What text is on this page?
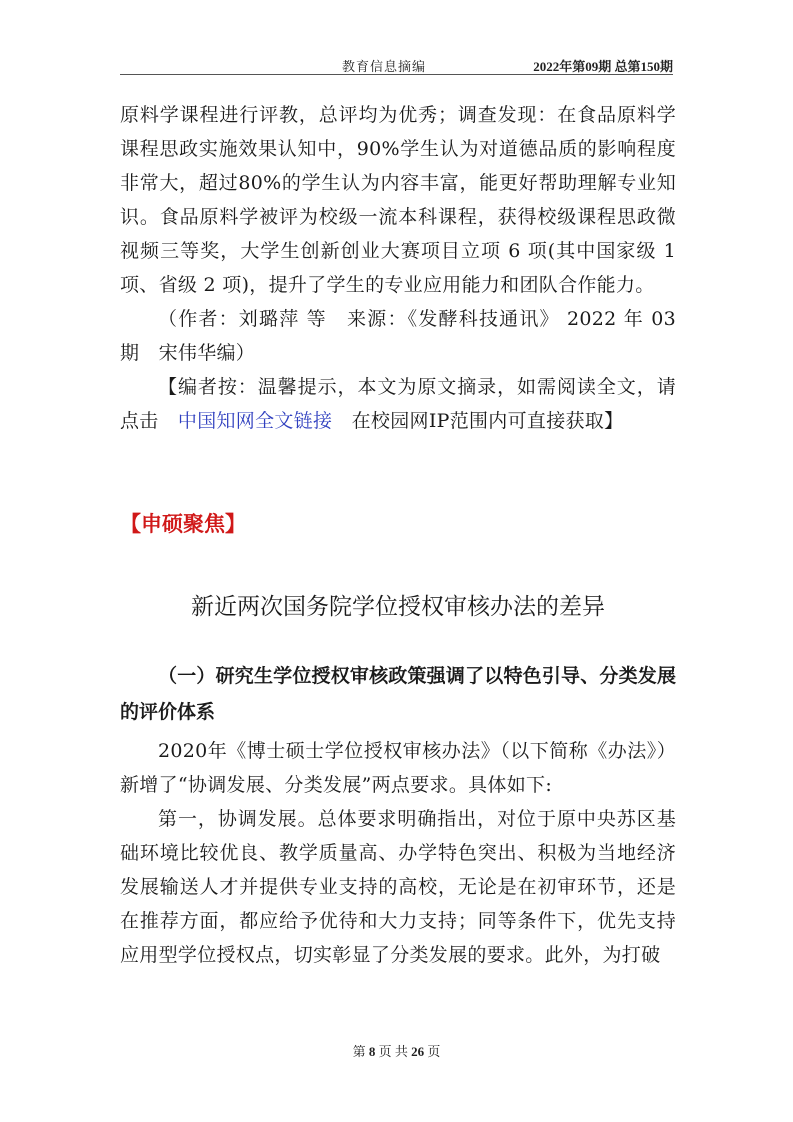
教育信息摘编	2022年第09期 总第150期

原料学课程进行评教，总评均为优秀；调查发现：在食品原料学课程思政实施效果认知中，90%学生认为对道德品质的影响程度非常大，超过80%的学生认为内容丰富，能更好帮助理解专业知识。食品原料学被评为校级一流本科课程，获得校级课程思政微视频三等奖，大学生创新创业大赛项目立项 6 项(其中国家级 1 项、省级 2 项)，提升了学生的专业应用能力和团队合作能力。

（作者：刘璐萍 等　来源：《发酵科技通讯》 2022 年 03 期　宋伟华编）

【编者按：温馨提示，本文为原文摘录，如需阅读全文，请点击　中国知网全文链接　在校园网IP范围内可直接获取】

【申硕聚焦】
新近两次国务院学位授权审核办法的差异

（一）研究生学位授权审核政策强调了以特色引导、分类发展的评价体系

2020年《博士硕士学位授权审核办法》（以下简称《办法》）新增了“协调发展、分类发展”两点要求。具体如下:

第一，协调发展。总体要求明确指出，对位于原中央苏区基础环境比较优良、教学质量高、办学特色突出、积极为当地经济发展输送人才并提供专业支持的高校，无论是在初审环节，还是在推荐方面，都应给予优待和大力支持；同等条件下，优先支持应用型学位授权点，切实彰显了分类发展的要求。此外，为打破

第 8 页 共 26 页
